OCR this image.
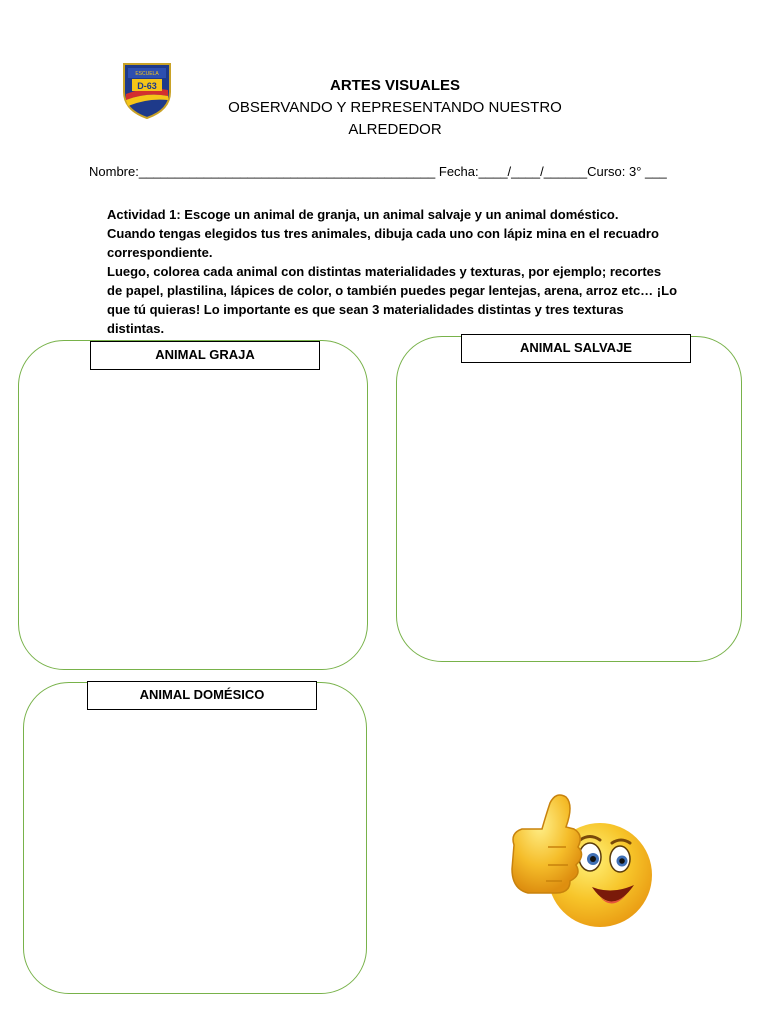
D-63
ESCUELA
ARTES VISUALES
OBSERVANDO Y REPRESENTANDO NUESTRO
ALREDEDOR
Nombre:_________________________________________ Fecha:____/____/______Curso: 3° ___

Actividad 1: Escoge un animal de granja, un animal salvaje y un animal doméstico.

Cuando tengas elegidos tus tres animales, dibuja cada uno con lápiz mina en el recuadro correspondiente.

Luego, colorea cada animal con distintas materialidades y texturas, por ejemplo; recortes de papel, plastilina, lápices de color, o también puedes pegar lentejas, arena, arroz etc… ¡Lo que tú quieras! Lo importante es que sean 3 materialidades distintas y tres texturas distintas.

ANIMAL GRAJA	ANIMAL SALVAJE
ANIMAL DOMÉSICO
